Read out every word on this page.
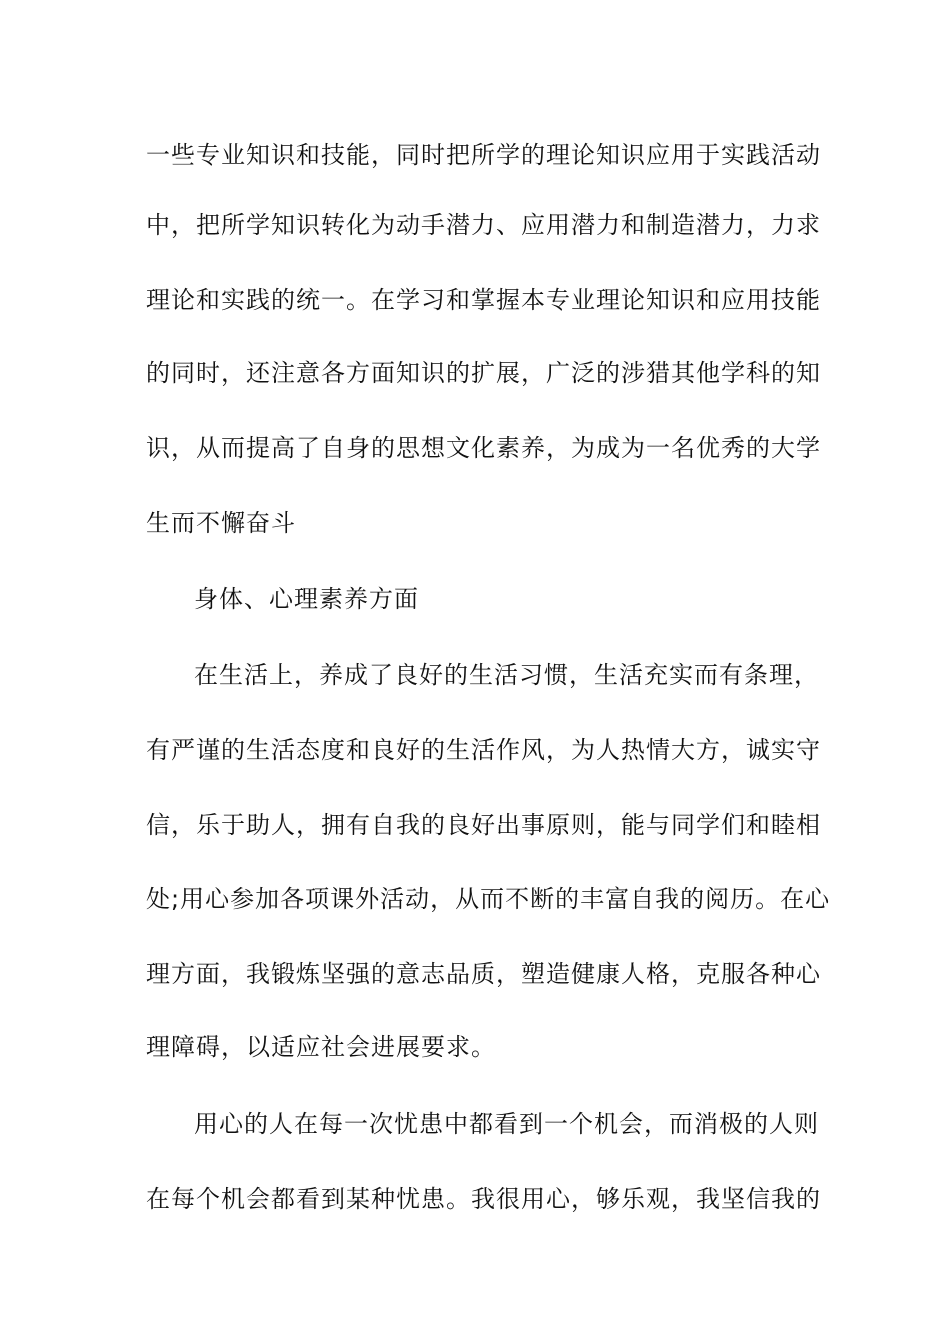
一些专业知识和技能，同时把所学的理论知识应用于实践活动
中，把所学知识转化为动手潜力、应用潜力和制造潜力，力求
理论和实践的统一。在学习和掌握本专业理论知识和应用技能
的同时，还注意各方面知识的扩展，广泛的涉猎其他学科的知
识，从而提高了自身的思想文化素养，为成为一名优秀的大学
生而不懈奋斗
身体、心理素养方面
在生活上，养成了良好的生活习惯，生活充实而有条理，
有严谨的生活态度和良好的生活作风，为人热情大方，诚实守
信，乐于助人，拥有自我的良好出事原则，能与同学们和睦相
处;用心参加各项课外活动，从而不断的丰富自我的阅历。在心
理方面，我锻炼坚强的意志品质，塑造健康人格，克服各种心
理障碍，以适应社会进展要求。
用心的人在每一次忧患中都看到一个机会，而消极的人则
在每个机会都看到某种忧患。我很用心，够乐观，我坚信我的
